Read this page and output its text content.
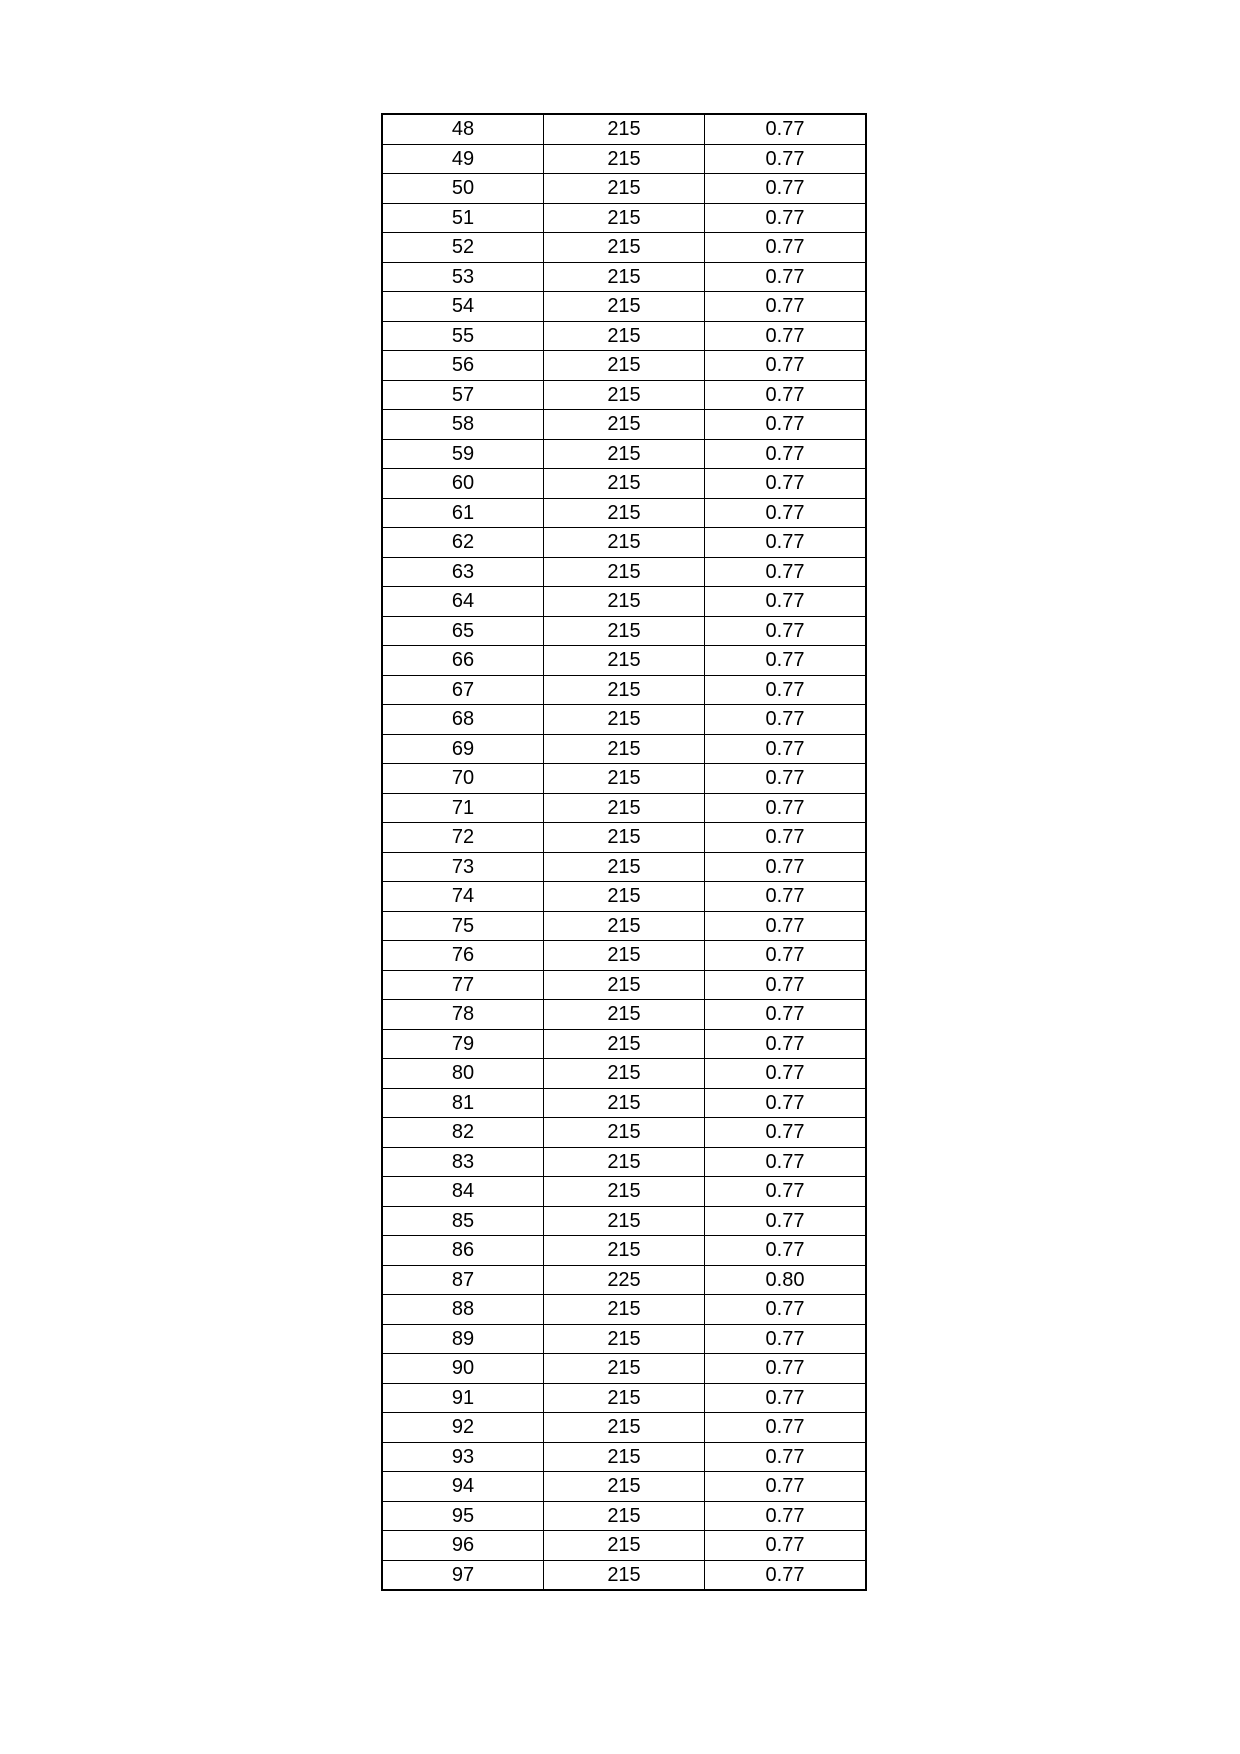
48	215	0.77
49	215	0.77
50	215	0.77
51	215	0.77
52	215	0.77
53	215	0.77
54	215	0.77
55	215	0.77
56	215	0.77
57	215	0.77
58	215	0.77
59	215	0.77
60	215	0.77
61	215	0.77
62	215	0.77
63	215	0.77
64	215	0.77
65	215	0.77
66	215	0.77
67	215	0.77
68	215	0.77
69	215	0.77
70	215	0.77
71	215	0.77
72	215	0.77
73	215	0.77
74	215	0.77
75	215	0.77
76	215	0.77
77	215	0.77
78	215	0.77
79	215	0.77
80	215	0.77
81	215	0.77
82	215	0.77
83	215	0.77
84	215	0.77
85	215	0.77
86	215	0.77
87	225	0.80
88	215	0.77
89	215	0.77
90	215	0.77
91	215	0.77
92	215	0.77
93	215	0.77
94	215	0.77
95	215	0.77
96	215	0.77
97	215	0.77
